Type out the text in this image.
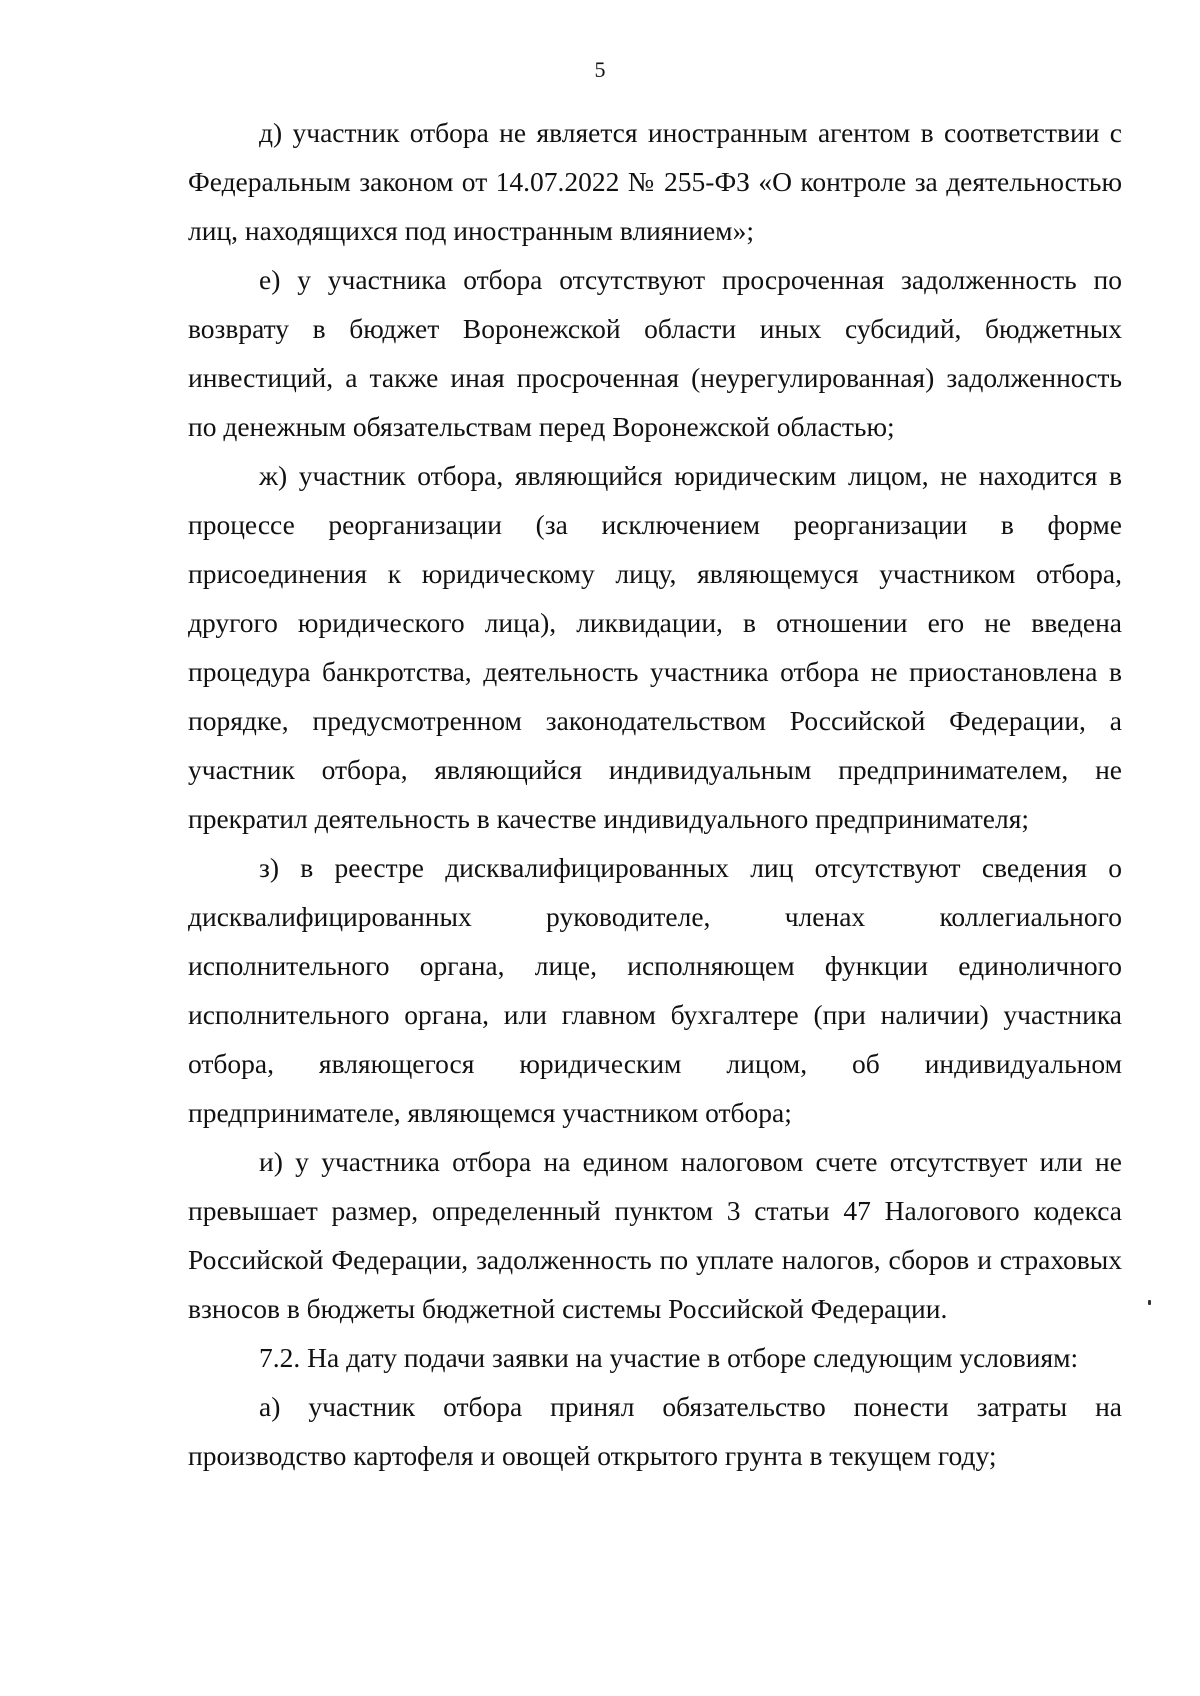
5

д) участник отбора не является иностранным агентом в соответствии с Федеральным законом от 14.07.2022 № 255-ФЗ «О контроле за деятельностью лиц, находящихся под иностранным влиянием»;

е) у участника отбора отсутствуют просроченная задолженность по возврату в бюджет Воронежской области иных субсидий, бюджетных инвестиций, а также иная просроченная (неурегулированная) задолженность по денежным обязательствам перед Воронежской областью;

ж) участник отбора, являющийся юридическим лицом, не находится в процессе реорганизации (за исключением реорганизации в форме присоединения к юридическому лицу, являющемуся участником отбора, другого юридического лица), ликвидации, в отношении его не введена процедура банкротства, деятельность участника отбора не приостановлена в порядке, предусмотренном законодательством Российской Федерации, а участник отбора, являющийся индивидуальным предпринимателем, не прекратил деятельность в качестве индивидуального предпринимателя;

з) в реестре дисквалифицированных лиц отсутствуют сведения о дисквалифицированных руководителе, членах коллегиального исполнительного органа, лице, исполняющем функции единоличного исполнительного органа, или главном бухгалтере (при наличии) участника отбора, являющегося юридическим лицом, об индивидуальном предпринимателе, являющемся участником отбора;

и) у участника отбора на едином налоговом счете отсутствует или не превышает размер, определенный пунктом 3 статьи 47 Налогового кодекса Российской Федерации, задолженность по уплате налогов, сборов и страховых взносов в бюджеты бюджетной системы Российской Федерации.

7.2. На дату подачи заявки на участие в отборе следующим условиям:

а) участник отбора принял обязательство понести затраты на производство картофеля и овощей открытого грунта в текущем году;
